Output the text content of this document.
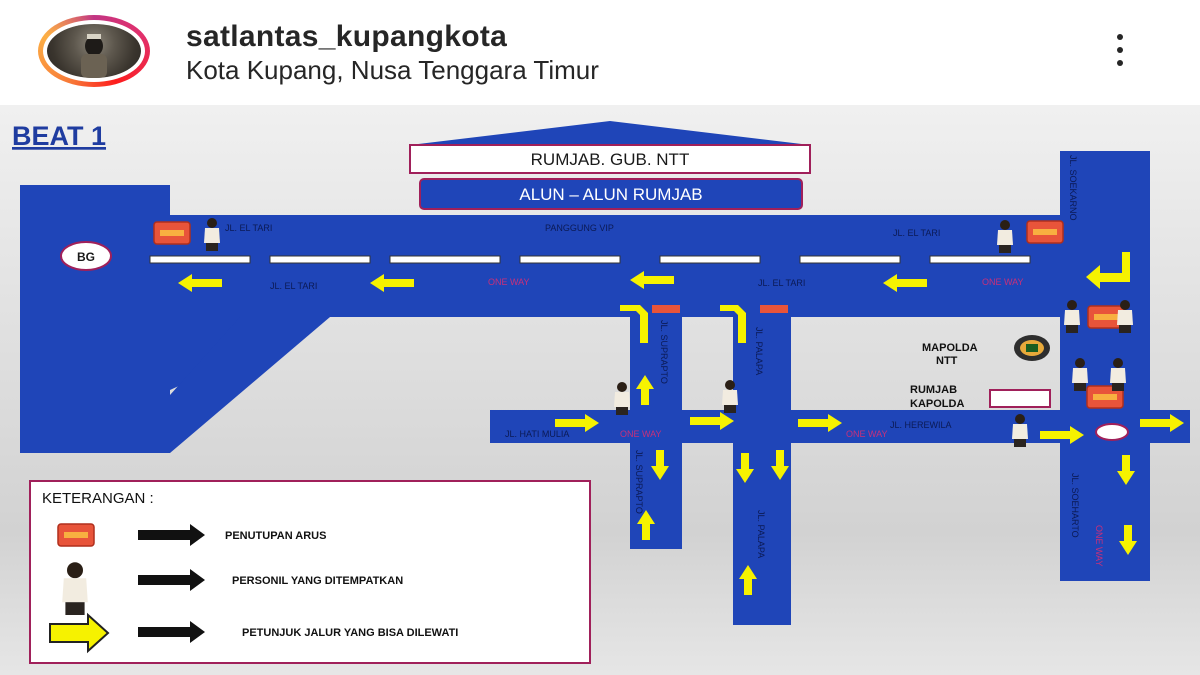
satlantas_kupangkota
Kota Kupang, Nusa Tenggara Timur
BEAT 1
RUMJAB. GUB. NTT
ALUN – ALUN RUMJAB
BG
JL. EL TARI	PANGGUNG VIP	JL. EL TARI
JL. EL TARI	JL. EL TARI
ONE WAY	ONE WAY
ONE WAY	ONE WAY
JL. HATI MULIA
JL. HEREWILA
JL. SUPRAPTO	JL. PALAPA
JL. SUPRAPTO
JL. PALAPA
JL. SOEKARNO
JL. SOEHARTO
ONE WAY
MAPOLDA
NTT
RUMJAB
KAPOLDA
KETERANGAN :
PENUTUPAN ARUS
PERSONIL YANG DITEMPATKAN
PETUNJUK JALUR YANG BISA DILEWATI
